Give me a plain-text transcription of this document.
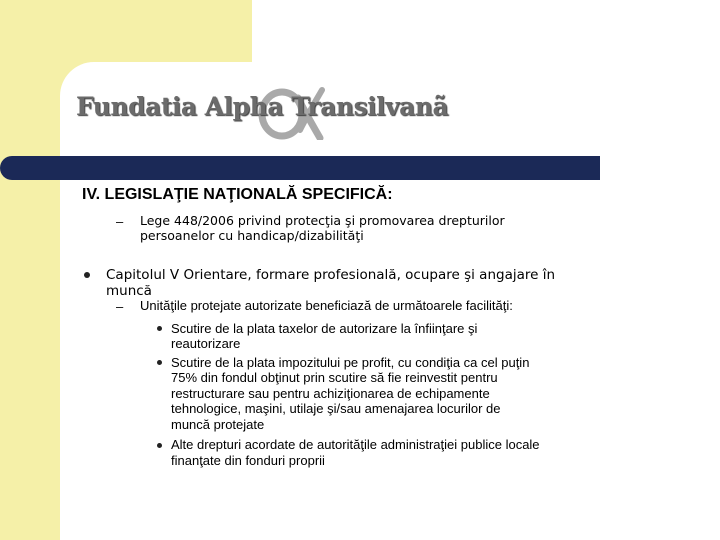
Fundatia Alpha Transilvanã
IV. LEGISLAŢIE NAŢIONALĂ SPECIFICĂ:
– Lege 448/2006 privind protecţia şi promovarea drepturilor
persoanelor cu handicap/dizabilităţi
Capitolul V Orientare, formare profesională, ocupare şi angajare în
muncă
– Unităţile protejate autorizate beneficiază de următoarele facilităţi:
Scutire de la plata taxelor de autorizare la înfiinţare şi
reautorizare
Scutire de la plata impozitului pe profit, cu condiţia ca cel puţin
75% din fondul obţinut prin scutire să fie reinvestit pentru
restructurare sau pentru achiziţionarea de echipamente
tehnologice, maşini, utilaje şi/sau amenajarea locurilor de
muncă protejate
Alte drepturi acordate de autorităţile administraţiei publice locale
finanţate din fonduri proprii
